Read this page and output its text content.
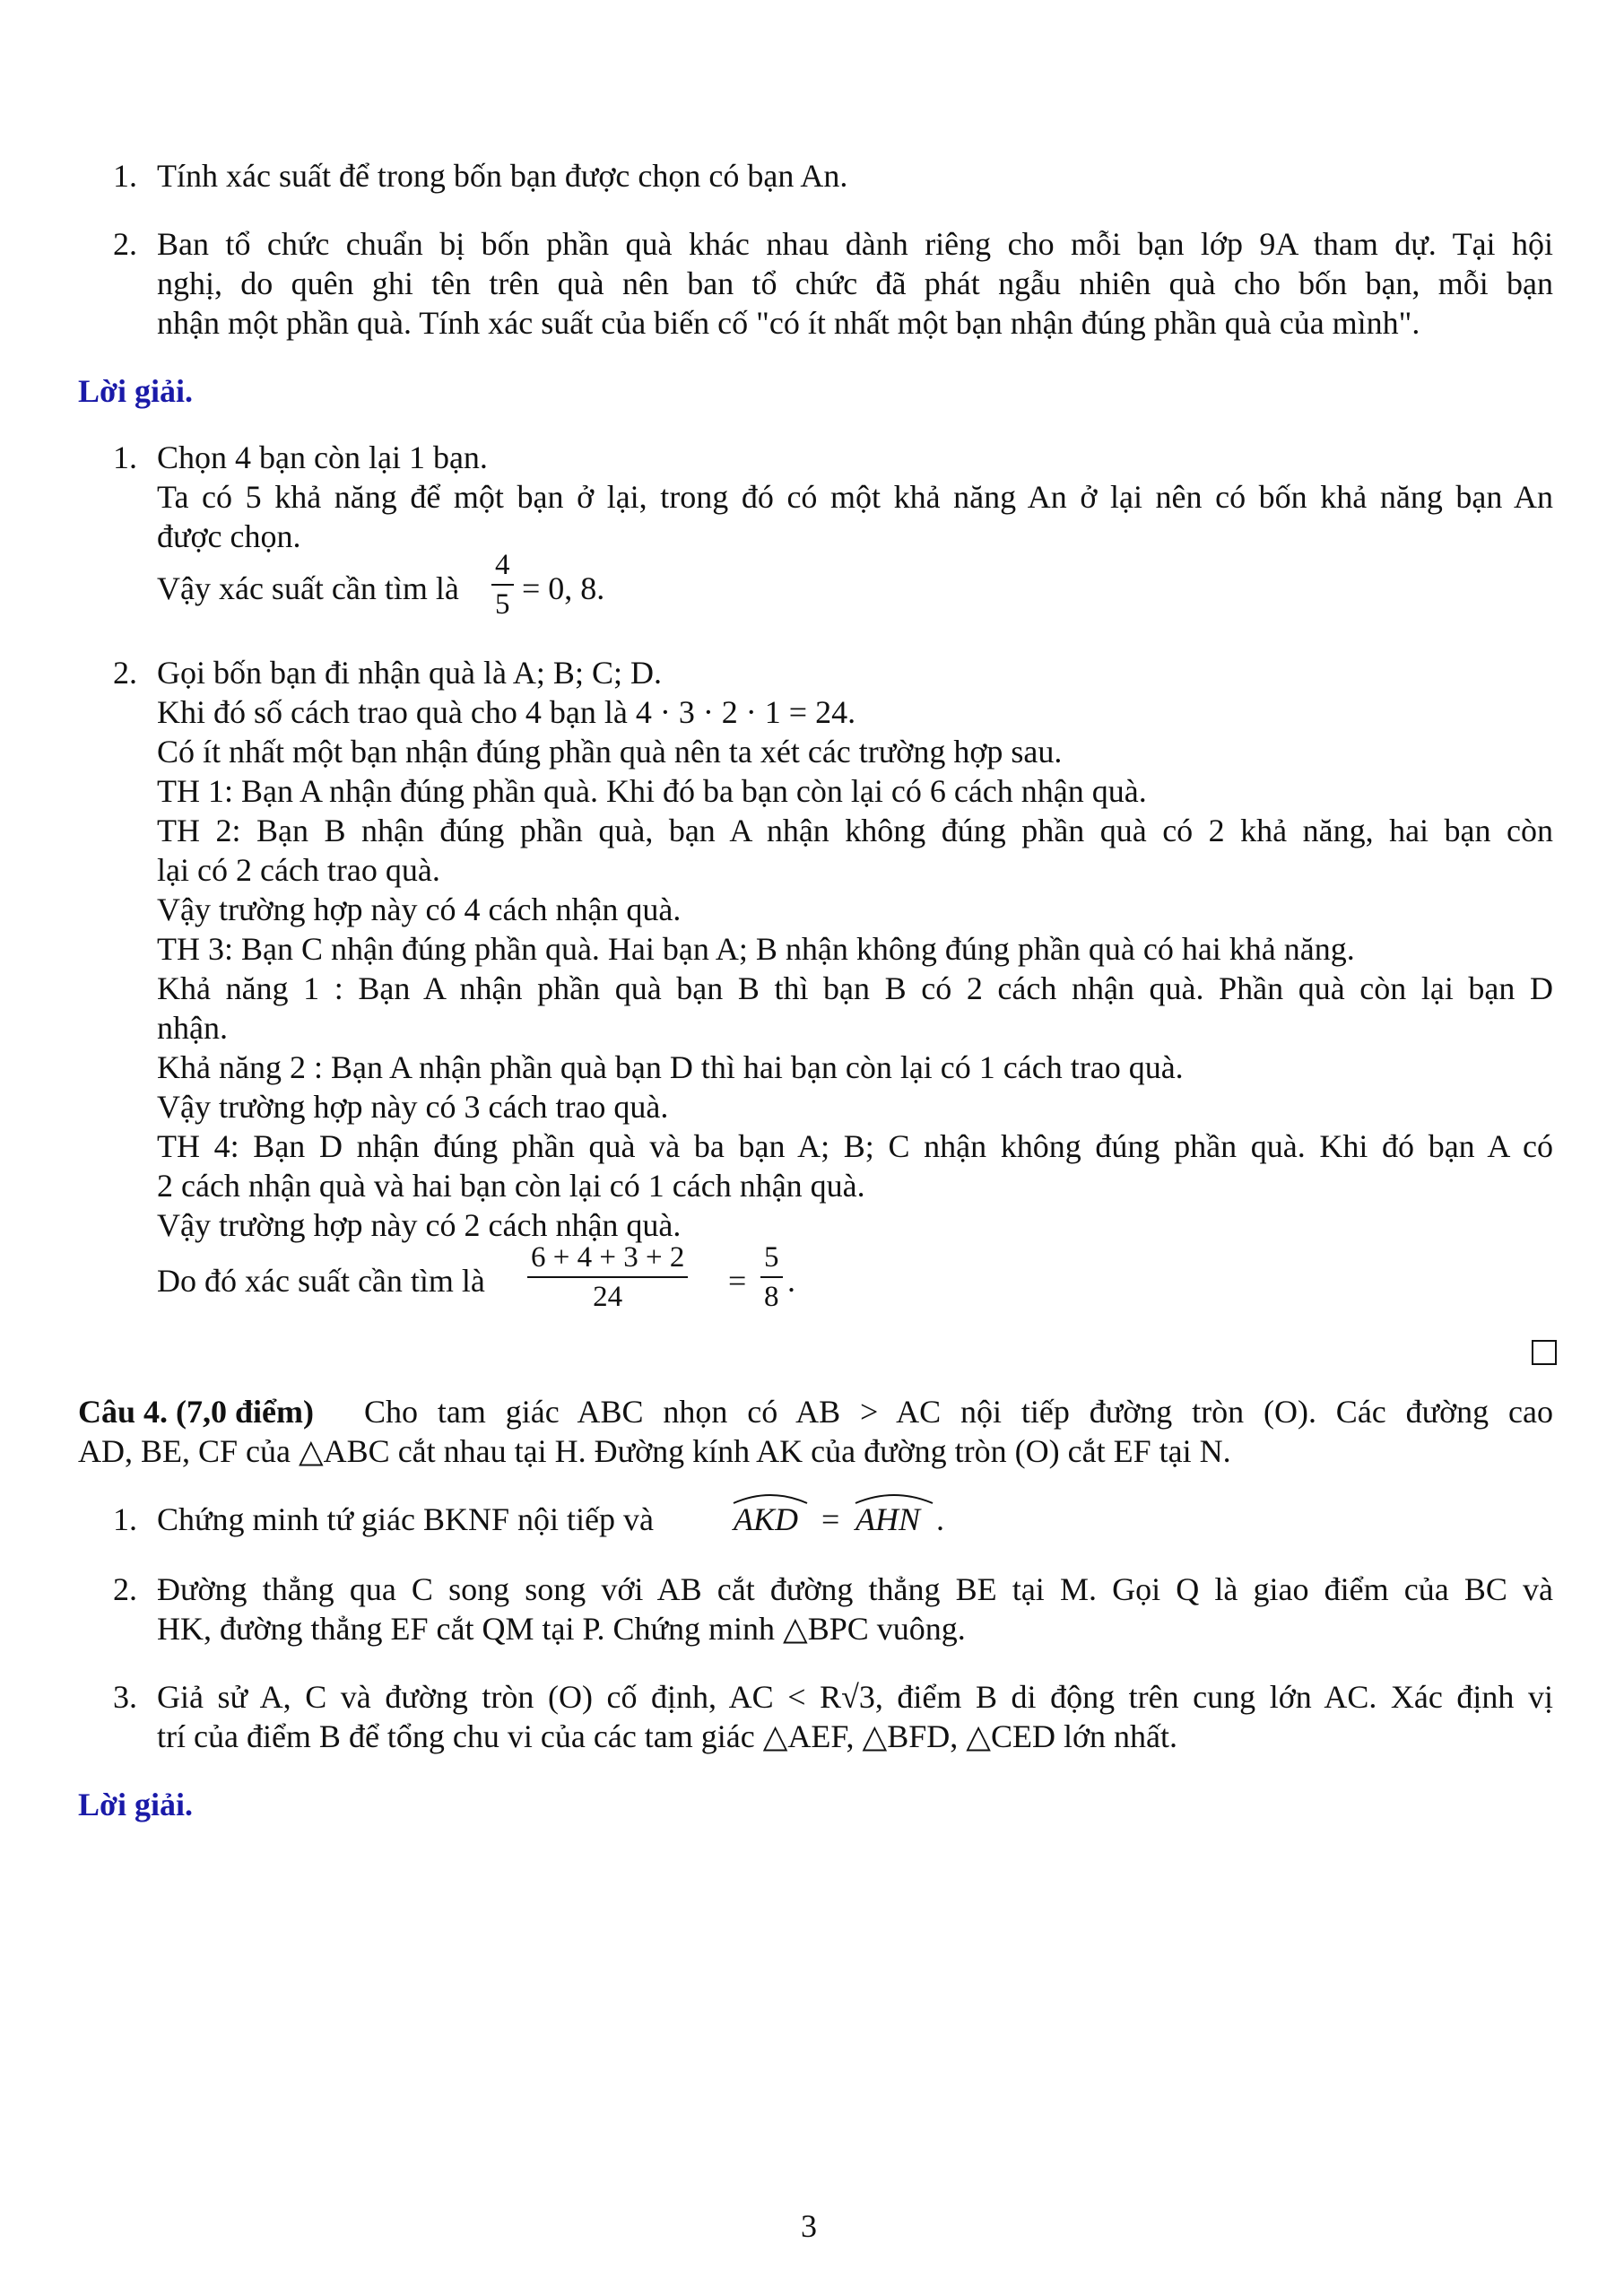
1. Tính xác suất để trong bốn bạn được chọn có bạn An.
2. Ban tổ chức chuẩn bị bốn phần quà khác nhau dành riêng cho mỗi bạn lớp 9A tham dự. Tại hội
nghị, do quên ghi tên trên quà nên ban tổ chức đã phát ngẫu nhiên quà cho bốn bạn, mỗi bạn
nhận một phần quà. Tính xác suất của biến cố "có ít nhất một bạn nhận đúng phần quà của mình".
Lời giải.
1. Chọn 4 bạn còn lại 1 bạn.
Ta có 5 khả năng để một bạn ở lại, trong đó có một khả năng An ở lại nên có bốn khả năng bạn An
được chọn.
Vậy xác suất cần tìm là
4
5 = 0, 8.
2. Gọi bốn bạn đi nhận quà là A; B; C; D.
Khi đó số cách trao quà cho 4 bạn là 4 · 3 · 2 · 1 = 24.
Có ít nhất một bạn nhận đúng phần quà nên ta xét các trường hợp sau.
TH 1: Bạn A nhận đúng phần quà. Khi đó ba bạn còn lại có 6 cách nhận quà.
TH 2: Bạn B nhận đúng phần quà, bạn A nhận không đúng phần quà có 2 khả năng, hai bạn còn
lại có 2 cách trao quà.
Vậy trường hợp này có 4 cách nhận quà.
TH 3: Bạn C nhận đúng phần quà. Hai bạn A; B nhận không đúng phần quà có hai khả năng.
Khả năng 1 : Bạn A nhận phần quà bạn B thì bạn B có 2 cách nhận quà. Phần quà còn lại bạn D
nhận.
Khả năng 2 : Bạn A nhận phần quà bạn D thì hai bạn còn lại có 1 cách trao quà.
Vậy trường hợp này có 3 cách trao quà.
TH 4: Bạn D nhận đúng phần quà và ba bạn A; B; C nhận không đúng phần quà. Khi đó bạn A có
2 cách nhận quà và hai bạn còn lại có 1 cách nhận quà.
Vậy trường hợp này có 2 cách nhận quà.
Do đó xác suất cần tìm là
6 + 4 + 3 + 2
24	=
5
8 .
Câu 4. (7,0 điểm) Cho tam giác ABC nhọn có AB > AC nội tiếp đường tròn (O). Các đường cao
AD, BE, CF của △ABC cắt nhau tại H. Đường kính AK của đường tròn (O) cắt EF tại N.
1. Chứng minh tứ giác BKNF nội tiếp và AKD = AHN .
2. Đường thẳng qua C song song với AB cắt đường thẳng BE tại M. Gọi Q là giao điểm của BC và
HK, đường thẳng EF cắt QM tại P. Chứng minh △BPC vuông.
3. Giả sử A, C và đường tròn (O) cố định, AC < R√3, điểm B di động trên cung lớn AC. Xác định vị
trí của điểm B để tổng chu vi của các tam giác △AEF, △BFD, △CED lớn nhất.
Lời giải.
3
